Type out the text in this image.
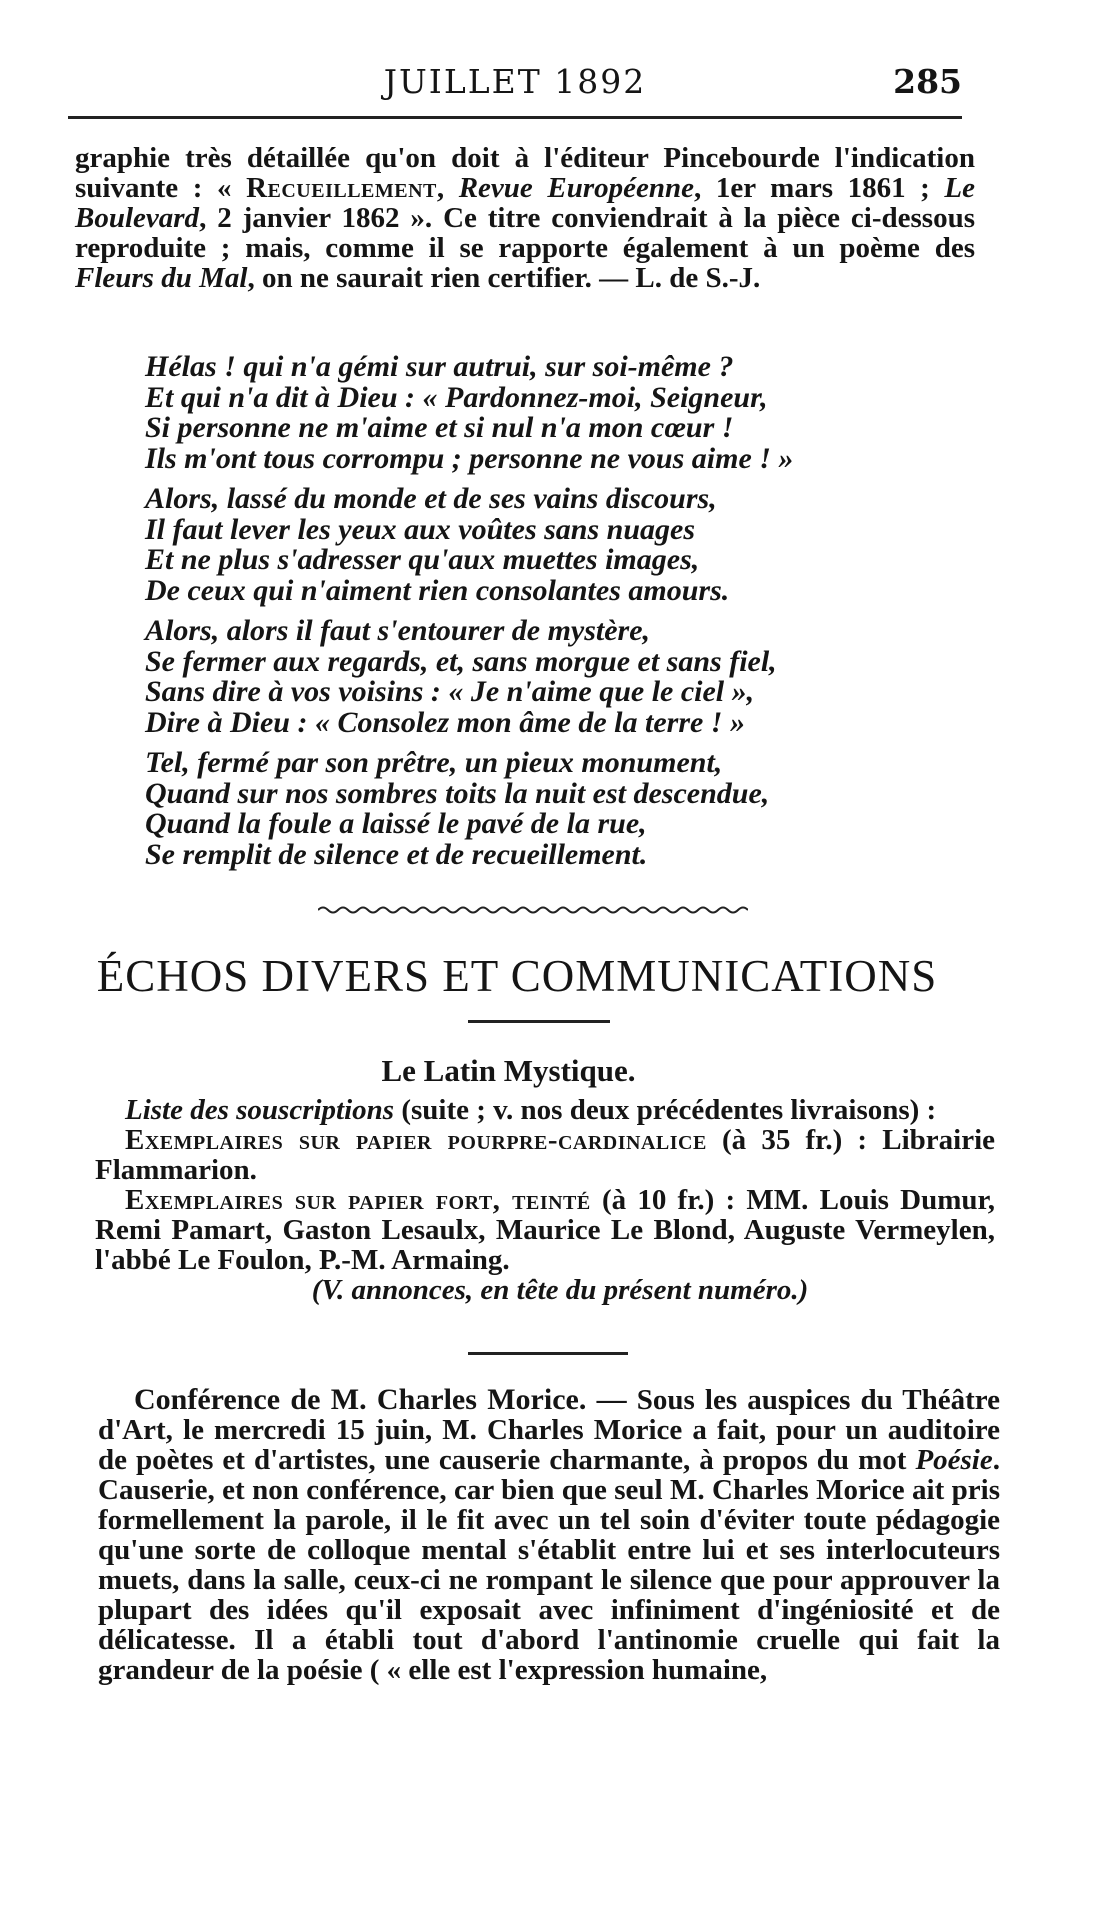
JUILLET 1892	285
graphie très détaillée qu'on doit à l'éditeur Pincebourde l'indication suivante : « Recueillement, Revue Européenne, 1er mars 1861 ; Le Boulevard, 2 janvier 1862 ». Ce titre conviendrait à la pièce ci-dessous reproduite ; mais, comme il se rapporte également à un poème des Fleurs du Mal, on ne saurait rien certifier. — L. de S.-J.
Hélas ! qui n'a gémi sur autrui, sur soi-même ?
Et qui n'a dit à Dieu : « Pardonnez-moi, Seigneur,
Si personne ne m'aime et si nul n'a mon cœur !
Ils m'ont tous corrompu ; personne ne vous aime ! »
Alors, lassé du monde et de ses vains discours,
Il faut lever les yeux aux voûtes sans nuages
Et ne plus s'adresser qu'aux muettes images,
De ceux qui n'aiment rien consolantes amours.
Alors, alors il faut s'entourer de mystère,
Se fermer aux regards, et, sans morgue et sans fiel,
Sans dire à vos voisins : « Je n'aime que le ciel »,
Dire à Dieu : « Consolez mon âme de la terre ! »
Tel, fermé par son prêtre, un pieux monument,
Quand sur nos sombres toits la nuit est descendue,
Quand la foule a laissé le pavé de la rue,
Se remplit de silence et de recueillement.
ÉCHOS DIVERS ET COMMUNICATIONS
Le Latin Mystique.

Liste des souscriptions (suite ; v. nos deux précédentes livraisons) :

Exemplaires sur papier pourpre-cardinalice (à 35 fr.) : Librairie Flammarion.

Exemplaires sur papier fort, teinté (à 10 fr.) : MM. Louis Dumur, Remi Pamart, Gaston Lesaulx, Maurice Le Blond, Auguste Vermeylen, l'abbé Le Foulon, P.-M. Armaing.

(V. annonces, en tête du présent numéro.)

Conférence de M. Charles Morice. — Sous les auspices du Théâtre d'Art, le mercredi 15 juin, M. Charles Morice a fait, pour un auditoire de poètes et d'artistes, une causerie charmante, à propos du mot Poésie. Causerie, et non conférence, car bien que seul M. Charles Morice ait pris formellement la parole, il le fit avec un tel soin d'éviter toute pédagogie qu'une sorte de colloque mental s'établit entre lui et ses interlocuteurs muets, dans la salle, ceux-ci ne rompant le silence que pour approuver la plupart des idées qu'il exposait avec infiniment d'ingéniosité et de délicatesse. Il a établi tout d'abord l'antinomie cruelle qui fait la grandeur de la poésie ( « elle est l'expression humaine,
